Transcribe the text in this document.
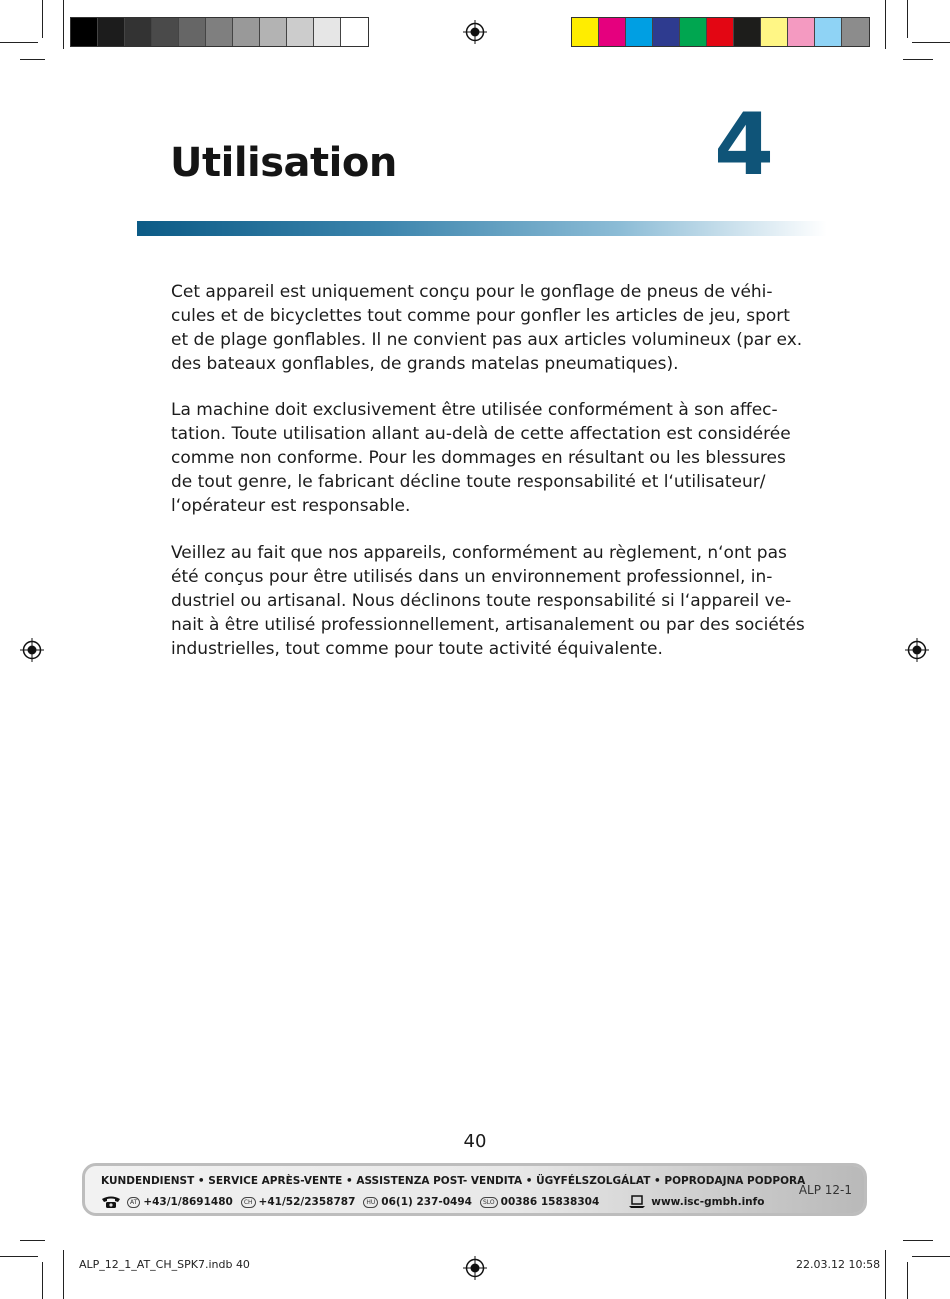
Utilisation	4

Cet appareil est uniquement conçu pour le gonflage de pneus de véhi-
cules et de bicyclettes tout comme pour gonfler les articles de jeu, sport
et de plage gonflables. Il ne convient pas aux articles volumineux (par ex.
des bateaux gonflables, de grands matelas pneumatiques).

La machine doit exclusivement être utilisée conformément à son affec-
tation. Toute utilisation allant au-delà de cette affectation est considérée
comme non conforme. Pour les dommages en résultant ou les blessures
de tout genre, le fabricant décline toute responsabilité et l‘utilisateur/
l‘opérateur est responsable.

Veillez au fait que nos appareils, conformément au règlement, n‘ont pas
été conçus pour être utilisés dans un environnement professionnel, in-
dustriel ou artisanal. Nous déclinons toute responsabilité si l‘appareil ve-
nait à être utilisé professionnellement, artisanalement ou par des sociétés
industrielles, tout comme pour toute activité équivalente.

40
KUNDENDIENST • SERVICE APRÈS-VENTE • ASSISTENZA POST- VENDITA • ÜGYFÉLSZOLGÁLAT • POPRODAJNA PODPORA
AT +43/1/8691480	CH +41/52/2358787	HU 06(1) 237-0494	SLO 00386 15838304	www.isc-gmbh.info
ALP 12-1
ALP_12_1_AT_CH_SPK7.indb 40	22.03.12 10:58
